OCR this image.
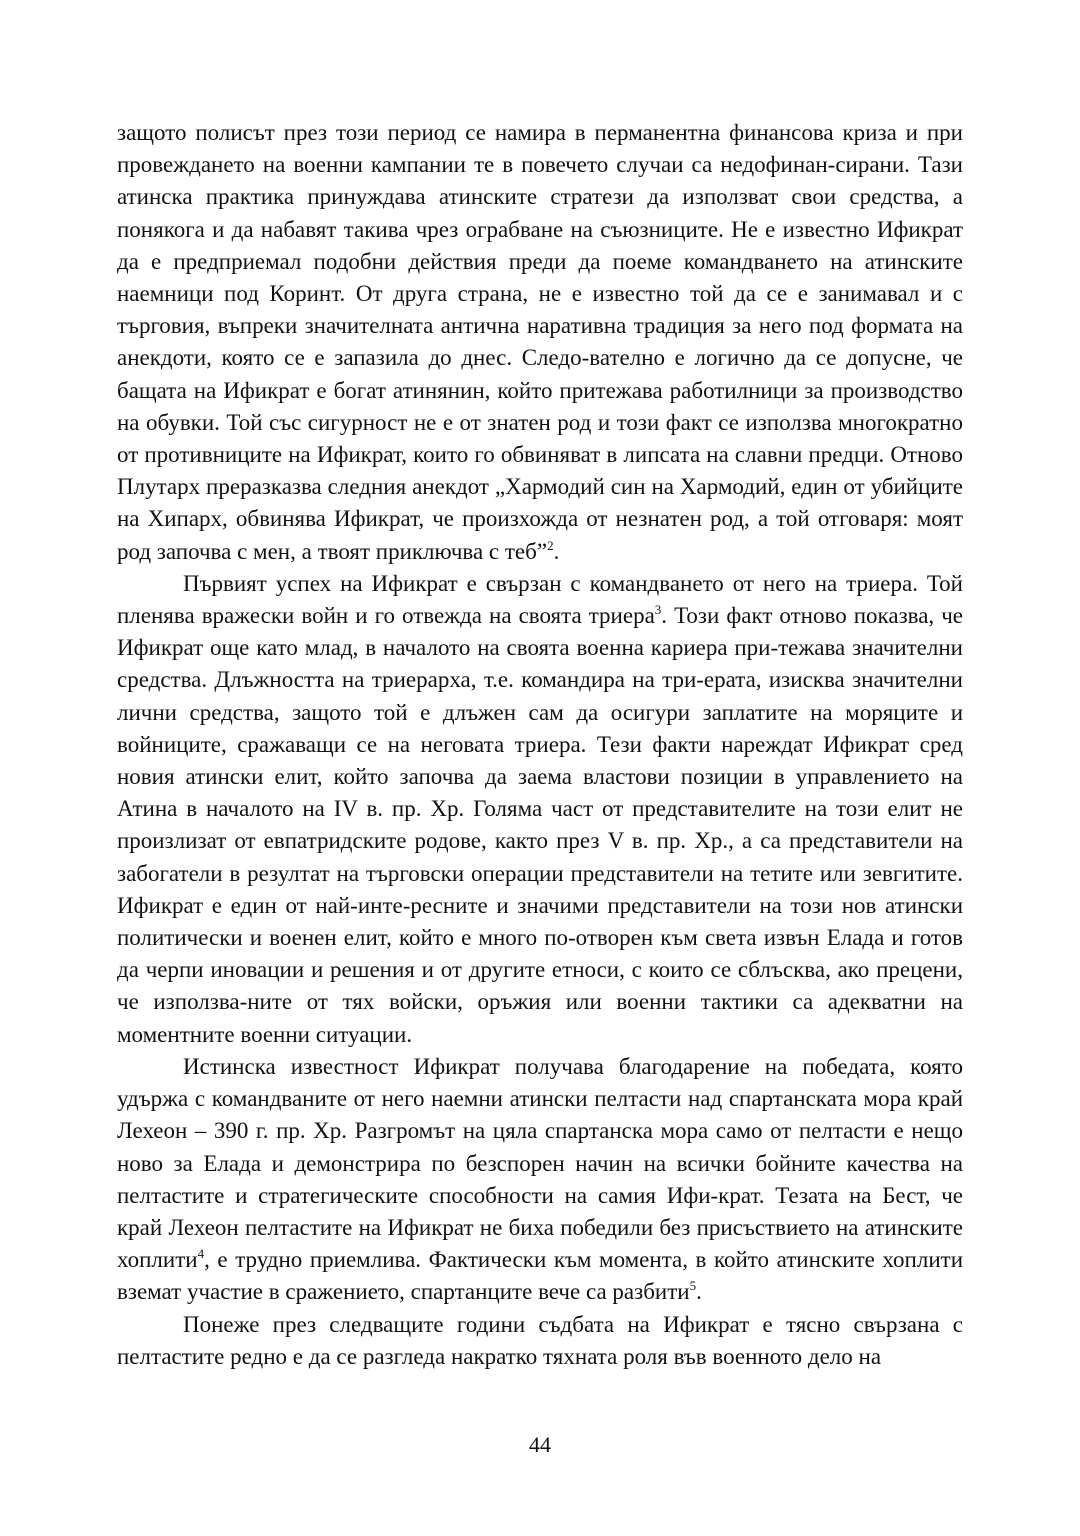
защото полисът през този период се намира в перманентна финансова криза и при провеждането на военни кампании те в повечето случаи са недофинан-сирани. Тази атинска практика принуждава атинските стратези да използват свои средства, а понякога и да набавят такива чрез ограбване на съюзниците. Не е известно Ификрат да е предприемал подобни действия преди да поеме командването на атинските наемници под Коринт. От друга страна, не е известно той да се е занимавал и с търговия, въпреки значителната антична наративна традиция за него под формата на анекдоти, която се е запазила до днес. Следо-вателно е логично да се допусне, че бащата на Ификрат е богат атинянин, който притежава работилници за производство на обувки. Той със сигурност не е от знатен род и този факт се използва многократно от противниците на Ификрат, които го обвиняват в липсата на славни предци. Отново Плутарх преразказва следния анекдот „Хармодий син на Хармодий, един от убийците на Хипарх, обвинява Ификрат, че произхожда от незнатен род, а той отговаря: моят род започва с мен, а твоят приключва с теб”$^2$.

Първият успех на Ификрат е свързан с командването от него на триера. Той пленява вражески войн и го отвежда на своята триера$^3$. Този факт отново показва, че Ификрат още като млад, в началото на своята военна кариера при-тежава значителни средства. Длъжността на триерарха, т.е. командира на три-ерата, изисква значителни лични средства, защото той е длъжен сам да осигури заплатите на моряците и войниците, сражаващи се на неговата триера. Тези факти нареждат Ификрат сред новия атински елит, който започва да заема властови позиции в управлението на Атина в началото на IV в. пр. Хр. Голяма част от представителите на този елит не произлизат от евпатридските родове, както през V в. пр. Хр., а са представители на забогатели в резултат на търговски операции представители на тетите или зевгитите. Ификрат е един от най-инте-ресните и значими представители на този нов атински политически и военен елит, който е много по-отворен към света извън Елада и готов да черпи иновации и решения и от другите етноси, с които се сблъсква, ако прецени, че използва-ните от тях войски, оръжия или военни тактики са адекватни на моментните военни ситуации.

Истинска известност Ификрат получава благодарение на победата, която удържа с командваните от него наемни атински пелтасти над спартанската мора край Лехеон – 390 г. пр. Хр. Разгромът на цяла спартанска мора само от пелтасти е нещо ново за Елада и демонстрира по безспорен начин на всички бойните качества на пелтастите и стратегическите способности на самия Ифи-крат. Тезата на Бест, че край Лехеон пелтастите на Ификрат не биха победили без присъствието на атинските хоплити$^4$, е трудно приемлива. Фактически към момента, в който атинските хоплити вземат участие в сражението, спартанците вече са разбити$^5$.

Понеже през следващите години съдбата на Ификрат е тясно свързана с пелтастите редно е да се разгледа накратко тяхната роля във военното дело на

44
